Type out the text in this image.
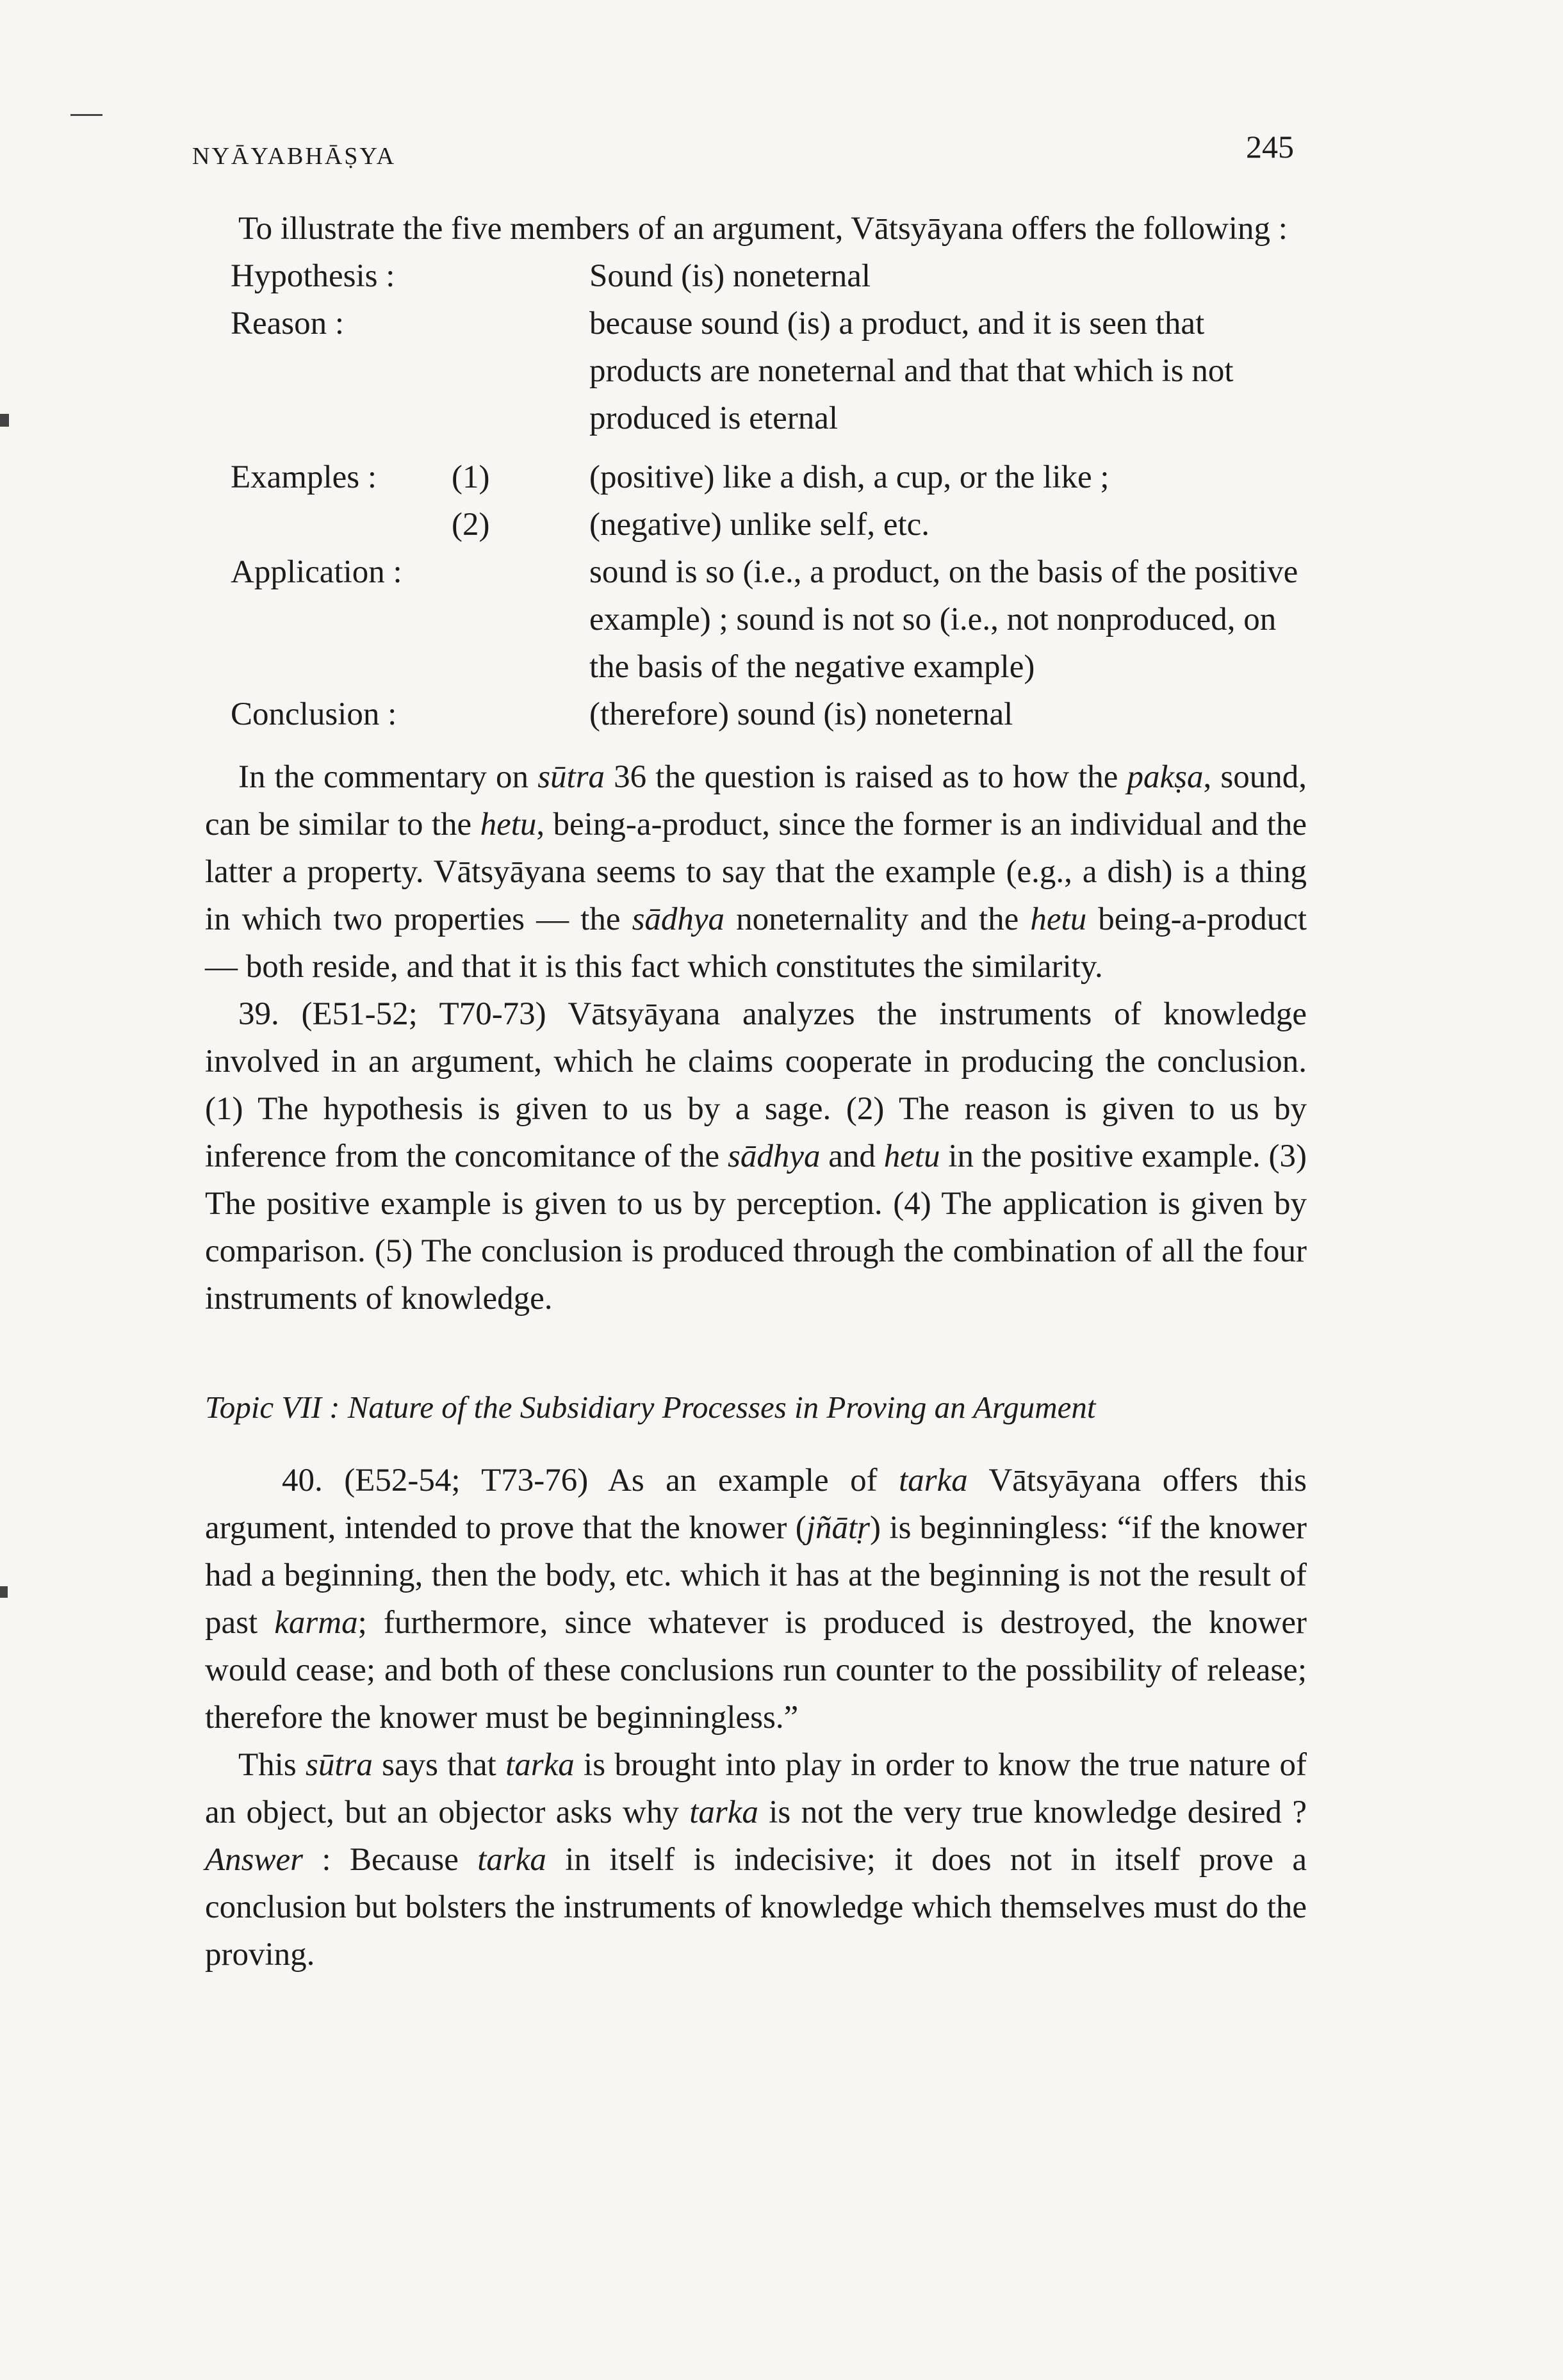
NYĀYABHĀṢYA	245

To illustrate the five members of an argument, Vātsyāyana offers the following :

Hypothesis :	Sound (is) noneternal
Reason :	because sound (is) a product, and it is seen that products are noneternal and that that which is not produced is eternal
Examples : (1)	(positive) like a dish, a cup, or the like ;
(2)	(negative) unlike self, etc.
Application :	sound is so (i.e., a product, on the basis of the positive example) ; sound is not so (i.e., not nonproduced, on the basis of the negative example)
Conclusion :	(therefore) sound (is) noneternal

In the commentary on sūtra 36 the question is raised as to how the pakṣa, sound, can be similar to the hetu, being-a-product, since the former is an individual and the latter a property. Vātsyāyana seems to say that the example (e.g., a dish) is a thing in which two properties — the sādhya noneternality and the hetu being-a-product — both reside, and that it is this fact which constitutes the similarity.

39. (E51-52; T70-73) Vātsyāyana analyzes the instruments of knowledge involved in an argument, which he claims cooperate in producing the conclusion. (1) The hypothesis is given to us by a sage. (2) The reason is given to us by inference from the concomitance of the sādhya and hetu in the positive example. (3) The positive example is given to us by perception. (4) The application is given by comparison. (5) The conclusion is produced through the combination of all the four instruments of knowledge.

Topic VII : Nature of the Subsidiary Processes in Proving an Argument

40. (E52-54; T73-76) As an example of tarka Vātsyāyana offers this argument, intended to prove that the knower (jñātṛ) is beginningless: “if the knower had a beginning, then the body, etc. which it has at the beginning is not the result of past karma; furthermore, since whatever is produced is destroyed, the knower would cease; and both of these conclusions run counter to the possibility of release; therefore the knower must be beginningless.”

This sūtra says that tarka is brought into play in order to know the true nature of an object, but an objector asks why tarka is not the very true knowledge desired ? Answer : Because tarka in itself is indecisive; it does not in itself prove a conclusion but bolsters the instruments of knowledge which themselves must do the proving.
